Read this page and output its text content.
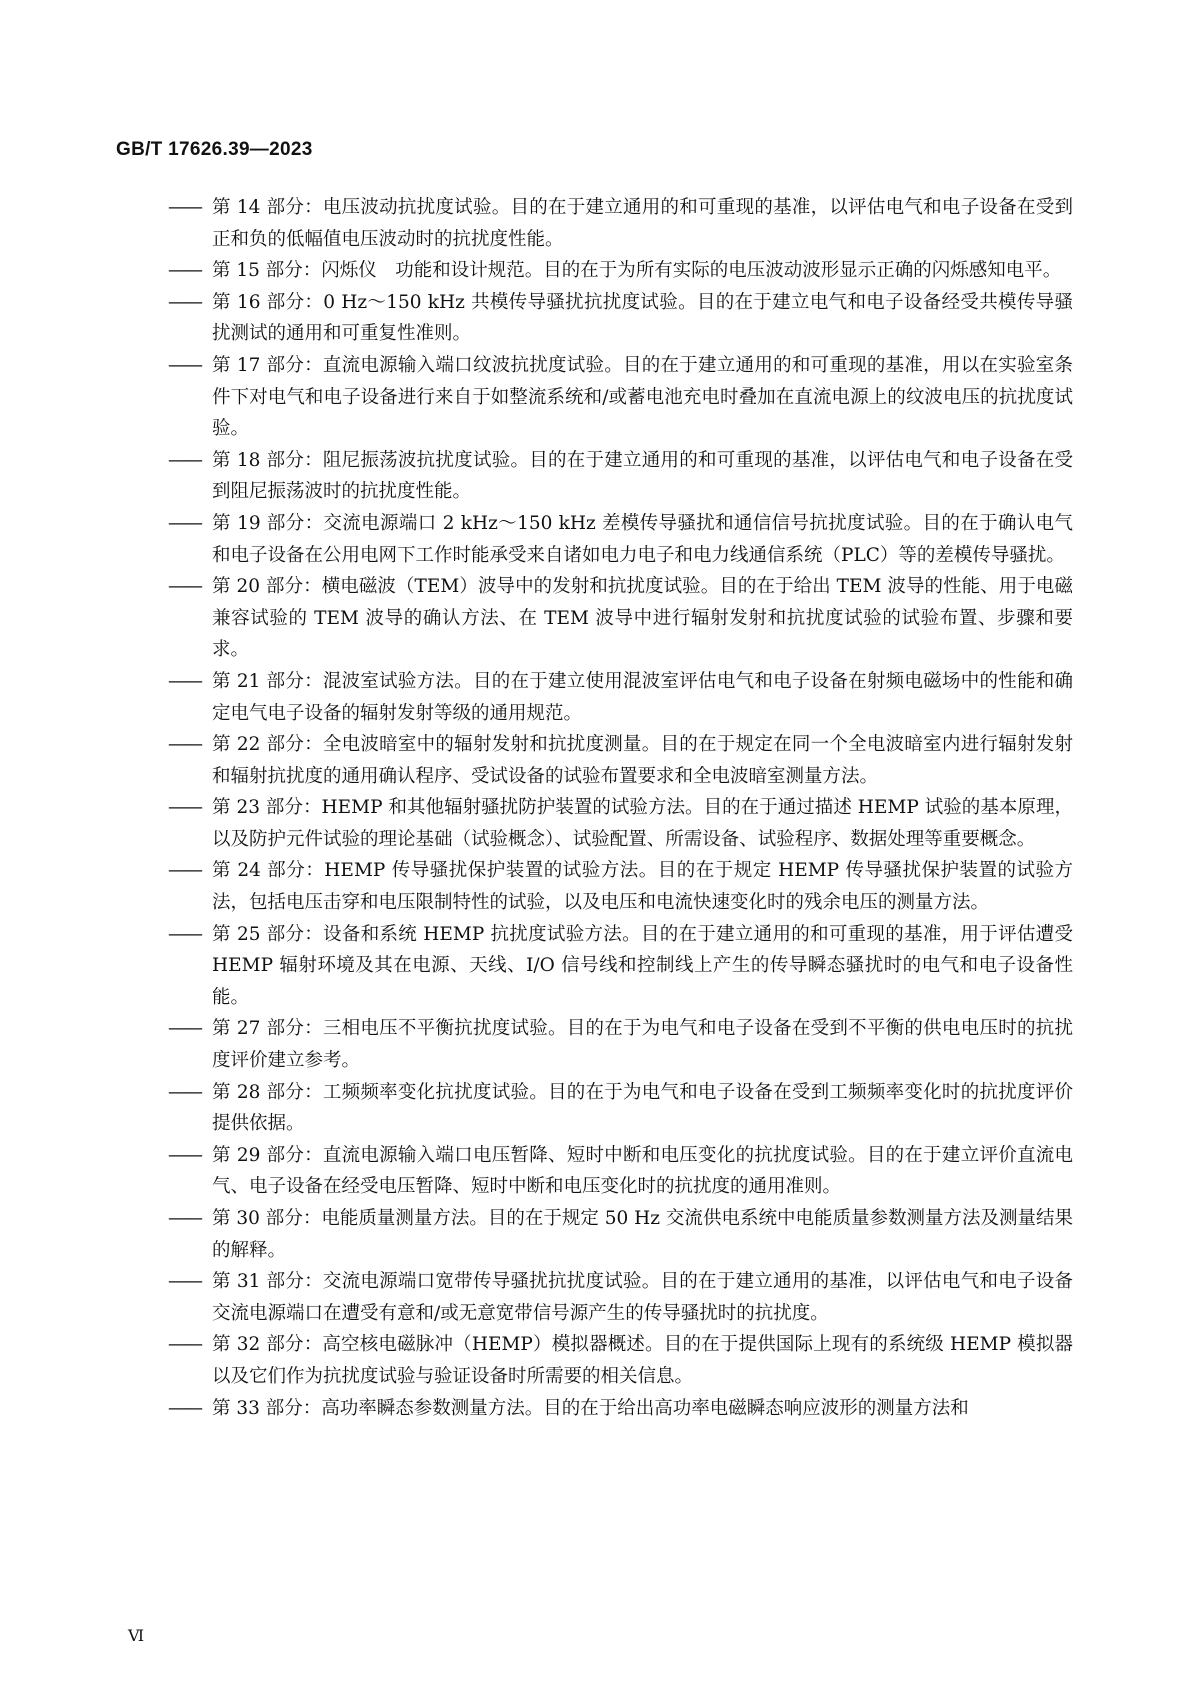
GB/T 17626.39—2023

—— 第 14 部分：电压波动抗扰度试验。目的在于建立通用的和可重现的基准，以评估电气和电子设备在受到正和负的低幅值电压波动时的抗扰度性能。

—— 第 15 部分：闪烁仪　功能和设计规范。目的在于为所有实际的电压波动波形显示正确的闪烁感知电平。

—— 第 16 部分：0 Hz～150 kHz 共模传导骚扰抗扰度试验。目的在于建立电气和电子设备经受共模传导骚扰测试的通用和可重复性准则。

—— 第 17 部分：直流电源输入端口纹波抗扰度试验。目的在于建立通用的和可重现的基准，用以在实验室条件下对电气和电子设备进行来自于如整流系统和/或蓄电池充电时叠加在直流电源上的纹波电压的抗扰度试验。

—— 第 18 部分：阻尼振荡波抗扰度试验。目的在于建立通用的和可重现的基准，以评估电气和电子设备在受到阻尼振荡波时的抗扰度性能。

—— 第 19 部分：交流电源端口 2 kHz～150 kHz 差模传导骚扰和通信信号抗扰度试验。目的在于确认电气和电子设备在公用电网下工作时能承受来自诸如电力电子和电力线通信系统（PLC）等的差模传导骚扰。

—— 第 20 部分：横电磁波（TEM）波导中的发射和抗扰度试验。目的在于给出 TEM 波导的性能、用于电磁兼容试验的 TEM 波导的确认方法、在 TEM 波导中进行辐射发射和抗扰度试验的试验布置、步骤和要求。

—— 第 21 部分：混波室试验方法。目的在于建立使用混波室评估电气和电子设备在射频电磁场中的性能和确定电气电子设备的辐射发射等级的通用规范。

—— 第 22 部分：全电波暗室中的辐射发射和抗扰度测量。目的在于规定在同一个全电波暗室内进行辐射发射和辐射抗扰度的通用确认程序、受试设备的试验布置要求和全电波暗室测量方法。

—— 第 23 部分：HEMP 和其他辐射骚扰防护装置的试验方法。目的在于通过描述 HEMP 试验的基本原理，以及防护元件试验的理论基础（试验概念）、试验配置、所需设备、试验程序、数据处理等重要概念。

—— 第 24 部分：HEMP 传导骚扰保护装置的试验方法。目的在于规定 HEMP 传导骚扰保护装置的试验方法，包括电压击穿和电压限制特性的试验，以及电压和电流快速变化时的残余电压的测量方法。

—— 第 25 部分：设备和系统 HEMP 抗扰度试验方法。目的在于建立通用的和可重现的基准，用于评估遭受 HEMP 辐射环境及其在电源、天线、I/O 信号线和控制线上产生的传导瞬态骚扰时的电气和电子设备性能。

—— 第 27 部分：三相电压不平衡抗扰度试验。目的在于为电气和电子设备在受到不平衡的供电电压时的抗扰度评价建立参考。

—— 第 28 部分：工频频率变化抗扰度试验。目的在于为电气和电子设备在受到工频频率变化时的抗扰度评价提供依据。

—— 第 29 部分：直流电源输入端口电压暂降、短时中断和电压变化的抗扰度试验。目的在于建立评价直流电气、电子设备在经受电压暂降、短时中断和电压变化时的抗扰度的通用准则。

—— 第 30 部分：电能质量测量方法。目的在于规定 50 Hz 交流供电系统中电能质量参数测量方法及测量结果的解释。

—— 第 31 部分：交流电源端口宽带传导骚扰抗扰度试验。目的在于建立通用的基准，以评估电气和电子设备交流电源端口在遭受有意和/或无意宽带信号源产生的传导骚扰时的抗扰度。

—— 第 32 部分：高空核电磁脉冲（HEMP）模拟器概述。目的在于提供国际上现有的系统级 HEMP 模拟器以及它们作为抗扰度试验与验证设备时所需要的相关信息。

—— 第 33 部分：高功率瞬态参数测量方法。目的在于给出高功率电磁瞬态响应波形的测量方法和

Ⅵ
